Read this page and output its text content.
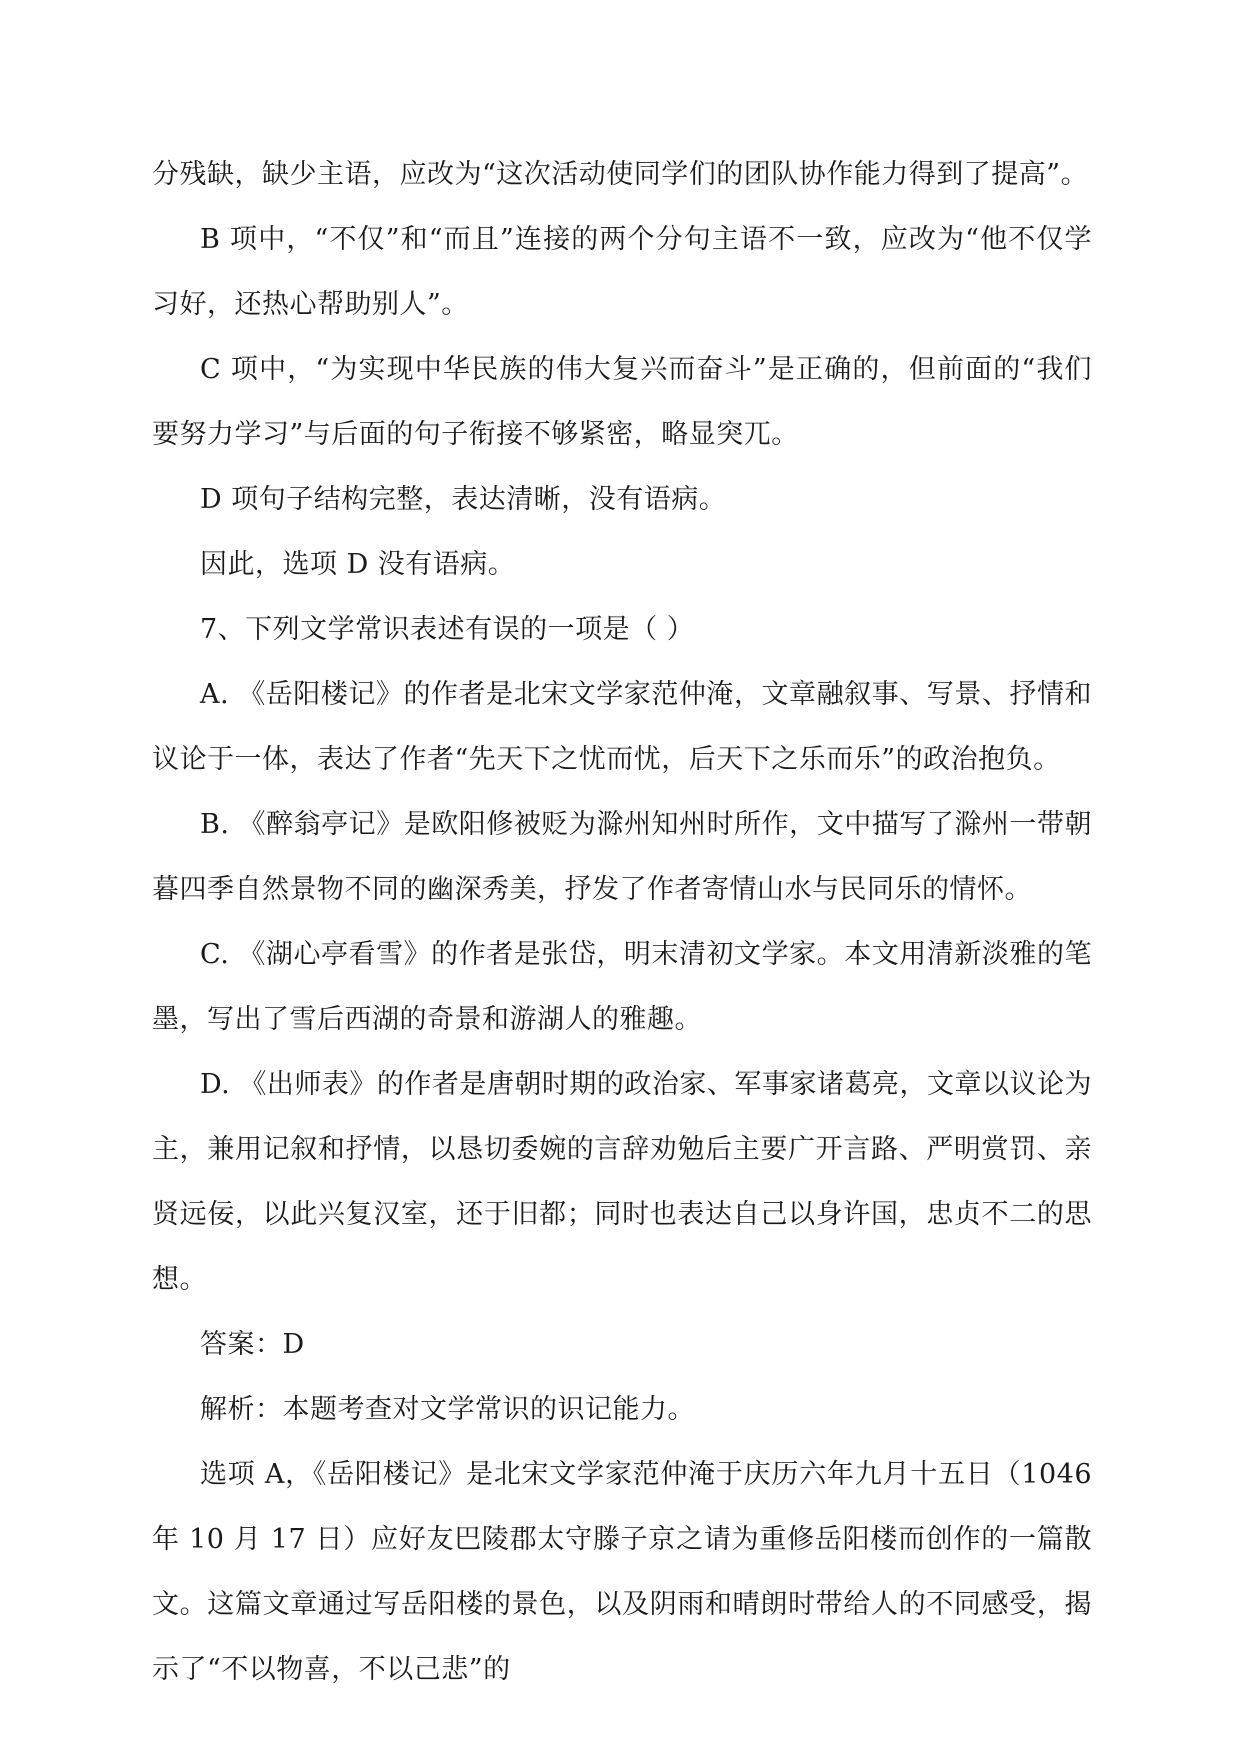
分残缺，缺少主语，应改为“这次活动使同学们的团队协作能力得到了提高”。

B 项中，“不仅”和“而且”连接的两个分句主语不一致，应改为“他不仅学习好，还热心帮助别人”。

C 项中，“为实现中华民族的伟大复兴而奋斗”是正确的，但前面的“我们要努力学习”与后面的句子衔接不够紧密，略显突兀。

D 项句子结构完整，表达清晰，没有语病。

因此，选项 D 没有语病。

7、下列文学常识表述有误的一项是（ ）

A. 《岳阳楼记》的作者是北宋文学家范仲淹，文章融叙事、写景、抒情和议论于一体，表达了作者“先天下之忧而忧，后天下之乐而乐”的政治抱负。

B. 《醉翁亭记》是欧阳修被贬为滁州知州时所作，文中描写了滁州一带朝暮四季自然景物不同的幽深秀美，抒发了作者寄情山水与民同乐的情怀。

C. 《湖心亭看雪》的作者是张岱，明末清初文学家。本文用清新淡雅的笔墨，写出了雪后西湖的奇景和游湖人的雅趣。

D. 《出师表》的作者是唐朝时期的政治家、军事家诸葛亮，文章以议论为主，兼用记叙和抒情，以恳切委婉的言辞劝勉后主要广开言路、严明赏罚、亲贤远佞，以此兴复汉室，还于旧都；同时也表达自己以身许国，忠贞不二的思想。

答案：D

解析：本题考查对文学常识的识记能力。

选项 A，《岳阳楼记》是北宋文学家范仲淹于庆历六年九月十五日（1046 年 10 月 17 日）应好友巴陵郡太守滕子京之请为重修岳阳楼而创作的一篇散文。这篇文章通过写岳阳楼的景色，以及阴雨和晴朗时带给人的不同感受，揭示了“不以物喜，不以己悲”的
